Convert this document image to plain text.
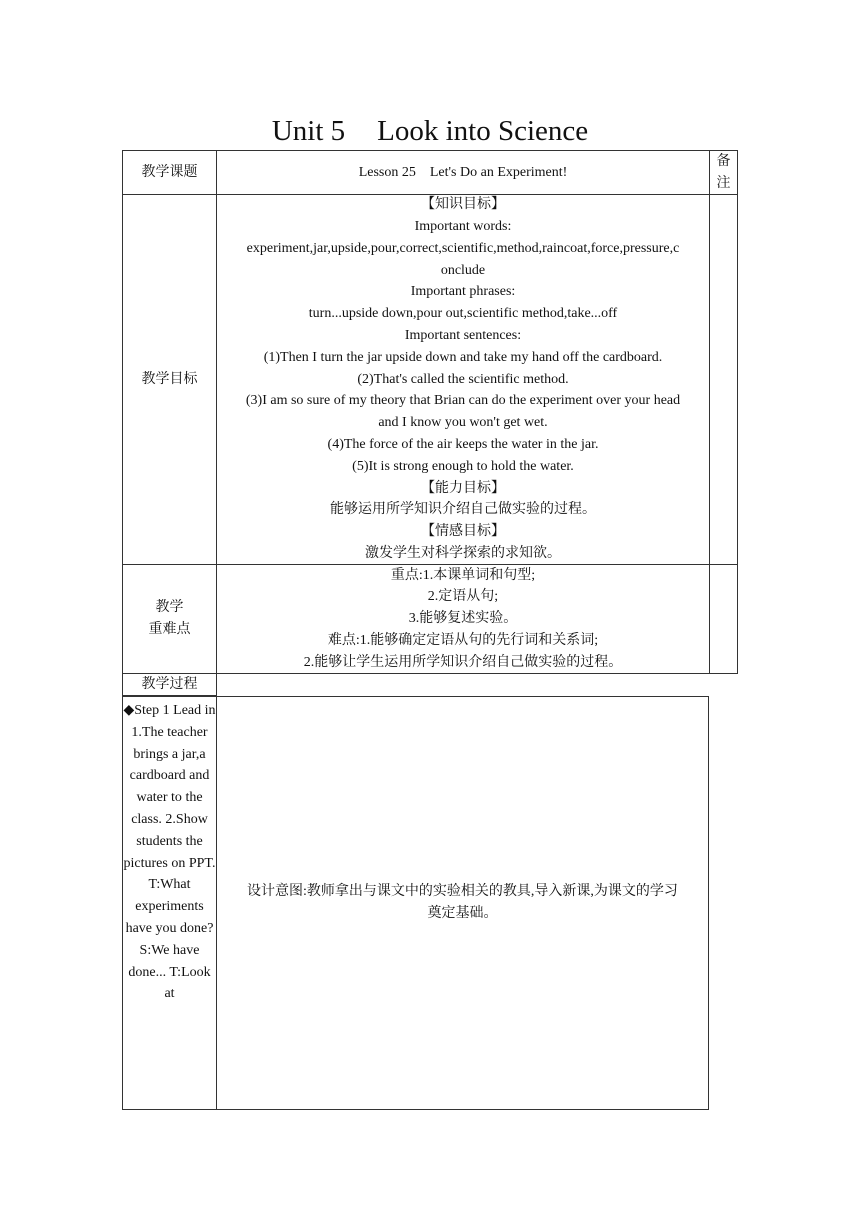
Unit 5 Look into Science
教学课题	Lesson 25    Let's Do an Experiment!
备
注
教学目标
【知识目标】
Important words:
experiment,jar,upside,pour,correct,scientific,method,raincoat,force,pressure,c
onclude
Important phrases:
turn...upside down,pour out,scientific method,take...off
Important sentences:
(1)Then I turn the jar upside down and take my hand off the cardboard.
(2)That's called the scientific method.
(3)I am so sure of my theory that Brian can do the experiment over your head
and I know you won't get wet.
(4)The force of the air keeps the water in the jar.
(5)It is strong enough to hold the water.
【能力目标】
能够运用所学知识介绍自己做实验的过程。
【情感目标】
激发学生对科学探索的求知欲。
教学
重难点
重点:1.本课单词和句型;
2.定语从句;
3.能够复述实验。
难点:1.能够确定定语从句的先行词和关系词;
2.能够让学生运用所学知识介绍自己做实验的过程。
教学过程
◆Step 1 Lead in 1.The teacher brings a jar,a cardboard and water to the class. 2.Show students the pictures on PPT. T:What experiments have you done? S:We have done... T:Look at
设计意图:教师拿出与课文中的实验相关的教具,导入新课,为课文的学习
奠定基础。
